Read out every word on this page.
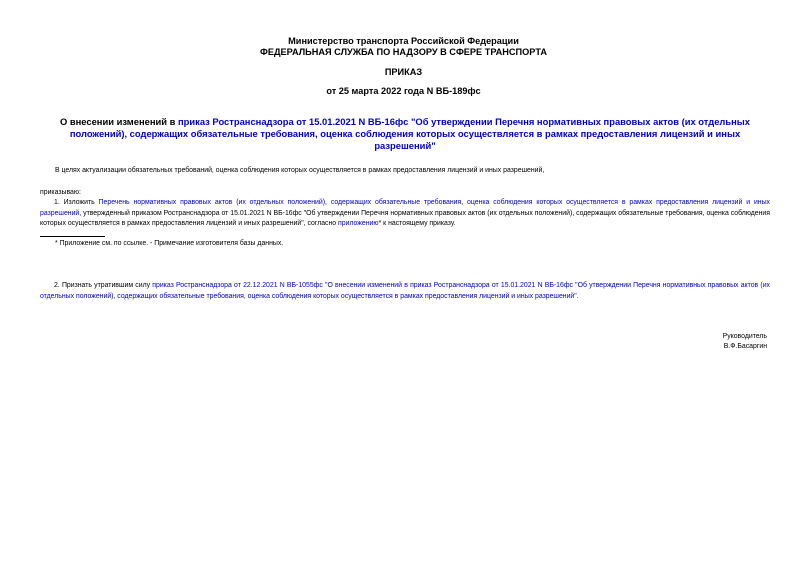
Министерство транспорта Российской Федерации
ФЕДЕРАЛЬНАЯ СЛУЖБА ПО НАДЗОРУ В СФЕРЕ ТРАНСПОРТА
ПРИКАЗ
от 25 марта 2022 года N ВБ-189фс
О внесении изменений в приказ Ространснадзора от 15.01.2021 N ВБ-16фс "Об утверждении Перечня нормативных правовых актов (их отдельных положений), содержащих обязательные требования, оценка соблюдения которых осуществляется в рамках предоставления лицензий и иных разрешений"
В целях актуализации обязательных требований, оценка соблюдения которых осуществляется в рамках предоставления лицензий и иных разрешений,
приказываю:
1. Изложить Перечень нормативных правовых актов (их отдельных положений), содержащих обязательные требования, оценка соблюдения которых осуществляется в рамках предоставления лицензий и иных разрешений, утвержденный приказом Ространснадзора от 15.01.2021 N ВБ-16фс "Об утверждении Перечня нормативных правовых актов (их отдельных положений), содержащих обязательные требования, оценка соблюдения которых осуществляется в рамках предоставления лицензий и иных разрешений", согласно приложению* к настоящему приказу.
* Приложение см. по ссылке. - Примечание изготовителя базы данных.
2. Признать утратившим силу приказ Ространснадзора от 22.12.2021 N ВБ-1055фс "О внесении изменений в приказ Ространснадзора от 15.01.2021 N ВБ-16фс "Об утверждении Перечня нормативных правовых актов (их отдельных положений), содержащих обязательные требования, оценка соблюдения которых осуществляется в рамках предоставления лицензий и иных разрешений".
Руководитель
В.Ф.Басаргин
